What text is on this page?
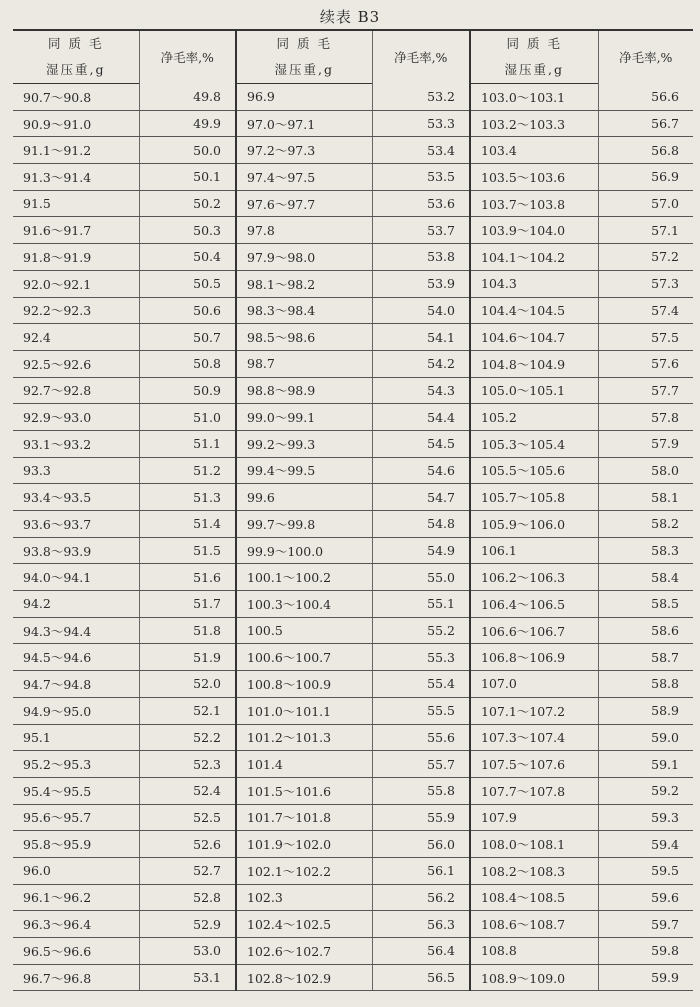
续表 B3
同 质 毛	净毛率,%	同 质 毛	净毛率,%	同 质 毛	净毛率,%
湿压重,g		湿压重,g		湿压重,g	
90.7～90.8	49.8	96.9	53.2	103.0～103.1	56.6
90.9～91.0	49.9	97.0～97.1	53.3	103.2～103.3	56.7
91.1～91.2	50.0	97.2～97.3	53.4	103.4	56.8
91.3～91.4	50.1	97.4～97.5	53.5	103.5～103.6	56.9
91.5	50.2	97.6～97.7	53.6	103.7～103.8	57.0
91.6～91.7	50.3	97.8	53.7	103.9～104.0	57.1
91.8～91.9	50.4	97.9～98.0	53.8	104.1～104.2	57.2
92.0～92.1	50.5	98.1～98.2	53.9	104.3	57.3
92.2～92.3	50.6	98.3～98.4	54.0	104.4～104.5	57.4
92.4	50.7	98.5～98.6	54.1	104.6～104.7	57.5
92.5～92.6	50.8	98.7	54.2	104.8～104.9	57.6
92.7～92.8	50.9	98.8～98.9	54.3	105.0～105.1	57.7
92.9～93.0	51.0	99.0～99.1	54.4	105.2	57.8
93.1～93.2	51.1	99.2～99.3	54.5	105.3～105.4	57.9
93.3	51.2	99.4～99.5	54.6	105.5～105.6	58.0
93.4～93.5	51.3	99.6	54.7	105.7～105.8	58.1
93.6～93.7	51.4	99.7～99.8	54.8	105.9～106.0	58.2
93.8～93.9	51.5	99.9～100.0	54.9	106.1	58.3
94.0～94.1	51.6	100.1～100.2	55.0	106.2～106.3	58.4
94.2	51.7	100.3～100.4	55.1	106.4～106.5	58.5
94.3～94.4	51.8	100.5	55.2	106.6～106.7	58.6
94.5～94.6	51.9	100.6～100.7	55.3	106.8～106.9	58.7
94.7～94.8	52.0	100.8～100.9	55.4	107.0	58.8
94.9～95.0	52.1	101.0～101.1	55.5	107.1～107.2	58.9
95.1	52.2	101.2～101.3	55.6	107.3～107.4	59.0
95.2～95.3	52.3	101.4	55.7	107.5～107.6	59.1
95.4～95.5	52.4	101.5～101.6	55.8	107.7～107.8	59.2
95.6～95.7	52.5	101.7～101.8	55.9	107.9	59.3
95.8～95.9	52.6	101.9～102.0	56.0	108.0～108.1	59.4
96.0	52.7	102.1～102.2	56.1	108.2～108.3	59.5
96.1～96.2	52.8	102.3	56.2	108.4～108.5	59.6
96.3～96.4	52.9	102.4～102.5	56.3	108.6～108.7	59.7
96.5～96.6	53.0	102.6～102.7	56.4	108.8	59.8
96.7～96.8	53.1	102.8～102.9	56.5	108.9～109.0	59.9
